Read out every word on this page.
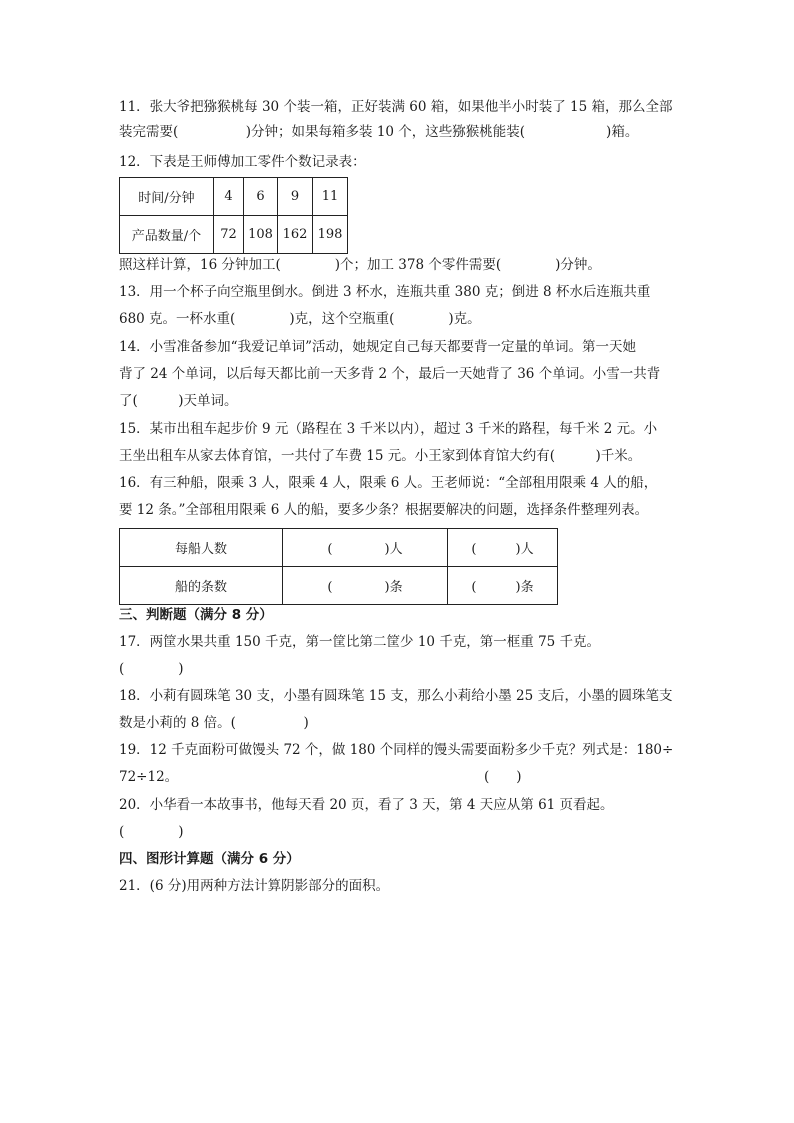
11．张大爷把猕猴桃每 30 个装一箱，正好装满 60 箱，如果他半小时装了 15 箱，那么全部
装完需要(　　　　　)分钟；如果每箱多装 10 个，这些猕猴桃能装(　　　　　　)箱。
12．下表是王师傅加工零件个数记录表：
时间/分钟	4	6	9	11
产品数量/个	72	108	162	198
照这样计算，16 分钟加工(　　　　)个；加工 378 个零件需要(　　　　)分钟。
13．用一个杯子向空瓶里倒水。倒进 3 杯水，连瓶共重 380 克；倒进 8 杯水后连瓶共重
680 克。一杯水重(　　　　)克，这个空瓶重(　　　　)克。
14．小雪准备参加“我爱记单词”活动，她规定自己每天都要背一定量的单词。第一天她
背了 24 个单词，以后每天都比前一天多背 2 个，最后一天她背了 36 个单词。小雪一共背
了(　　　)天单词。
15．某市出租车起步价 9 元（路程在 3 千米以内），超过 3 千米的路程，每千米 2 元。小
王坐出租车从家去体育馆，一共付了车费 15 元。小王家到体育馆大约有(　　　)千米。
16．有三种船，限乘 3 人，限乘 4 人，限乘 6 人。王老师说：“全部租用限乘 4 人的船，
要 12 条。”全部租用限乘 6 人的船，要多少条？根据要解决的问题，选择条件整理列表。
每船人数	(　　　　)人	(　　　)人
船的条数	(　　　　)条	(　　　)条
三、判断题（满分 8 分）
17．两筐水果共重 150 千克，第一筐比第二筐少 10 千克，第一框重 75 千克。
(　　　　)
18．小莉有圆珠笔 30 支，小墨有圆珠笔 15 支，那么小莉给小墨 25 支后，小墨的圆珠笔支
数是小莉的 8 倍。(　　　　　)
19．12 千克面粉可做馒头 72 个，做 180 个同样的馒头需要面粉多少千克？列式是：180÷
72÷12。	(　　)
20．小华看一本故事书，他每天看 20 页，看了 3 天，第 4 天应从第 61 页看起。
(　　　　)
四、图形计算题（满分 6 分）
21．(6 分)用两种方法计算阴影部分的面积。
